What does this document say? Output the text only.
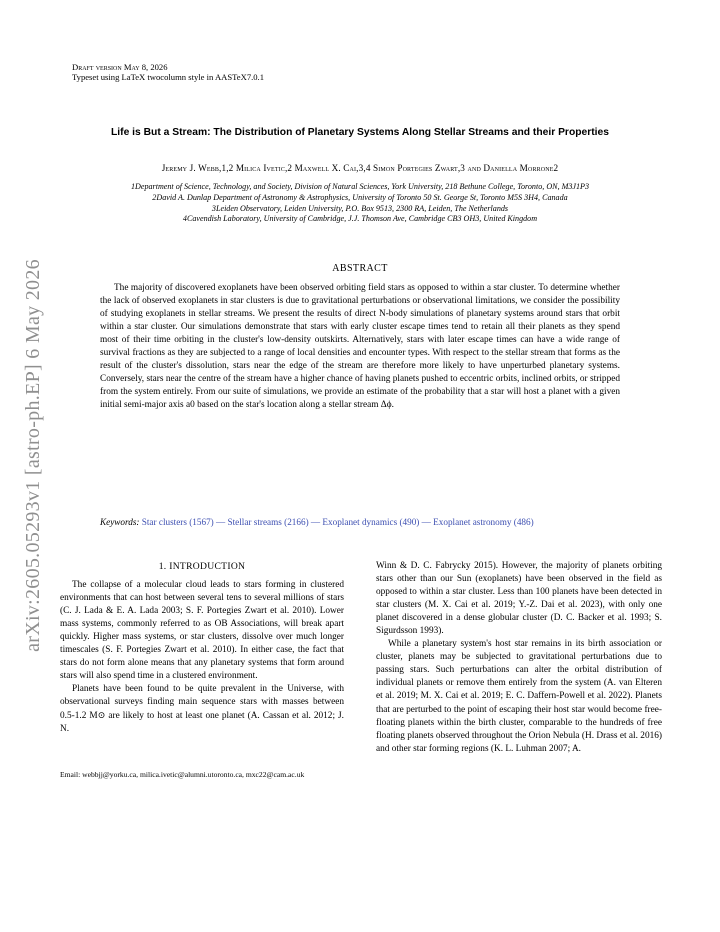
arXiv:2605.05293v1 [astro-ph.EP] 6 May 2026
Draft version May 8, 2026
Typeset using LaTeX twocolumn style in AASTeX7.0.1
Life is But a Stream: The Distribution of Planetary Systems Along Stellar Streams and their Properties
Jeremy J. Webb,1,2 Milica Ivetic,2 Maxwell X. Cai,3,4 Simon Portegies Zwart,3 and Daniella Morrone2
1Department of Science, Technology, and Society, Division of Natural Sciences, York University, 218 Bethune College, Toronto, ON, M3J1P3
2David A. Dunlap Department of Astronomy & Astrophysics, University of Toronto 50 St. George St, Toronto M5S 3H4, Canada
3Leiden Observatory, Leiden University, P.O. Box 9513, 2300 RA, Leiden, The Netherlands
4Cavendish Laboratory, University of Cambridge, J.J. Thomson Ave, Cambridge CB3 OH3, United Kingdom
ABSTRACT
The majority of discovered exoplanets have been observed orbiting field stars as opposed to within a star cluster. To determine whether the lack of observed exoplanets in star clusters is due to gravitational perturbations or observational limitations, we consider the possibility of studying exoplanets in stellar streams. We present the results of direct N-body simulations of planetary systems around stars that orbit within a star cluster. Our simulations demonstrate that stars with early cluster escape times tend to retain all their planets as they spend most of their time orbiting in the cluster's low-density outskirts. Alternatively, stars with later escape times can have a wide range of survival fractions as they are subjected to a range of local densities and encounter types. With respect to the stellar stream that forms as the result of the cluster's dissolution, stars near the edge of the stream are therefore more likely to have unperturbed planetary systems. Conversely, stars near the centre of the stream have a higher chance of having planets pushed to eccentric orbits, inclined orbits, or stripped from the system entirely. From our suite of simulations, we provide an estimate of the probability that a star will host a planet with a given initial semi-major axis a0 based on the star's location along a stellar stream Δϕ.
Keywords: Star clusters (1567) — Stellar streams (2166) — Exoplanet dynamics (490) — Exoplanet astronomy (486)
1. INTRODUCTION

The collapse of a molecular cloud leads to stars forming in clustered environments that can host between several tens to several millions of stars (C. J. Lada & E. A. Lada 2003; S. F. Portegies Zwart et al. 2010). Lower mass systems, commonly referred to as OB Associations, will break apart quickly. Higher mass systems, or star clusters, dissolve over much longer timescales (S. F. Portegies Zwart et al. 2010). In either case, the fact that stars do not form alone means that any planetary systems that form around stars will also spend time in a clustered environment.

Planets have been found to be quite prevalent in the Universe, with observational surveys finding main sequence stars with masses between 0.5-1.2 M⊙ are likely to host at least one planet (A. Cassan et al. 2012; J. N.

Winn & D. C. Fabrycky 2015). However, the majority of planets orbiting stars other than our Sun (exoplanets) have been observed in the field as opposed to within a star cluster. Less than 100 planets have been detected in star clusters (M. X. Cai et al. 2019; Y.-Z. Dai et al. 2023), with only one planet discovered in a dense globular cluster (D. C. Backer et al. 1993; S. Sigurdsson 1993).

While a planetary system's host star remains in its birth association or cluster, planets may be subjected to gravitational perturbations due to passing stars. Such perturbations can alter the orbital distribution of individual planets or remove them entirely from the system (A. van Elteren et al. 2019; M. X. Cai et al. 2019; E. C. Daffern-Powell et al. 2022). Planets that are perturbed to the point of escaping their host star would become free-floating planets within the birth cluster, comparable to the hundreds of free floating planets observed throughout the Orion Nebula (H. Drass et al. 2016) and other star forming regions (K. L. Luhman 2007; A.

Email: webbjj@yorku.ca, milica.ivetic@alumni.utoronto.ca, mxc22@cam.ac.uk
